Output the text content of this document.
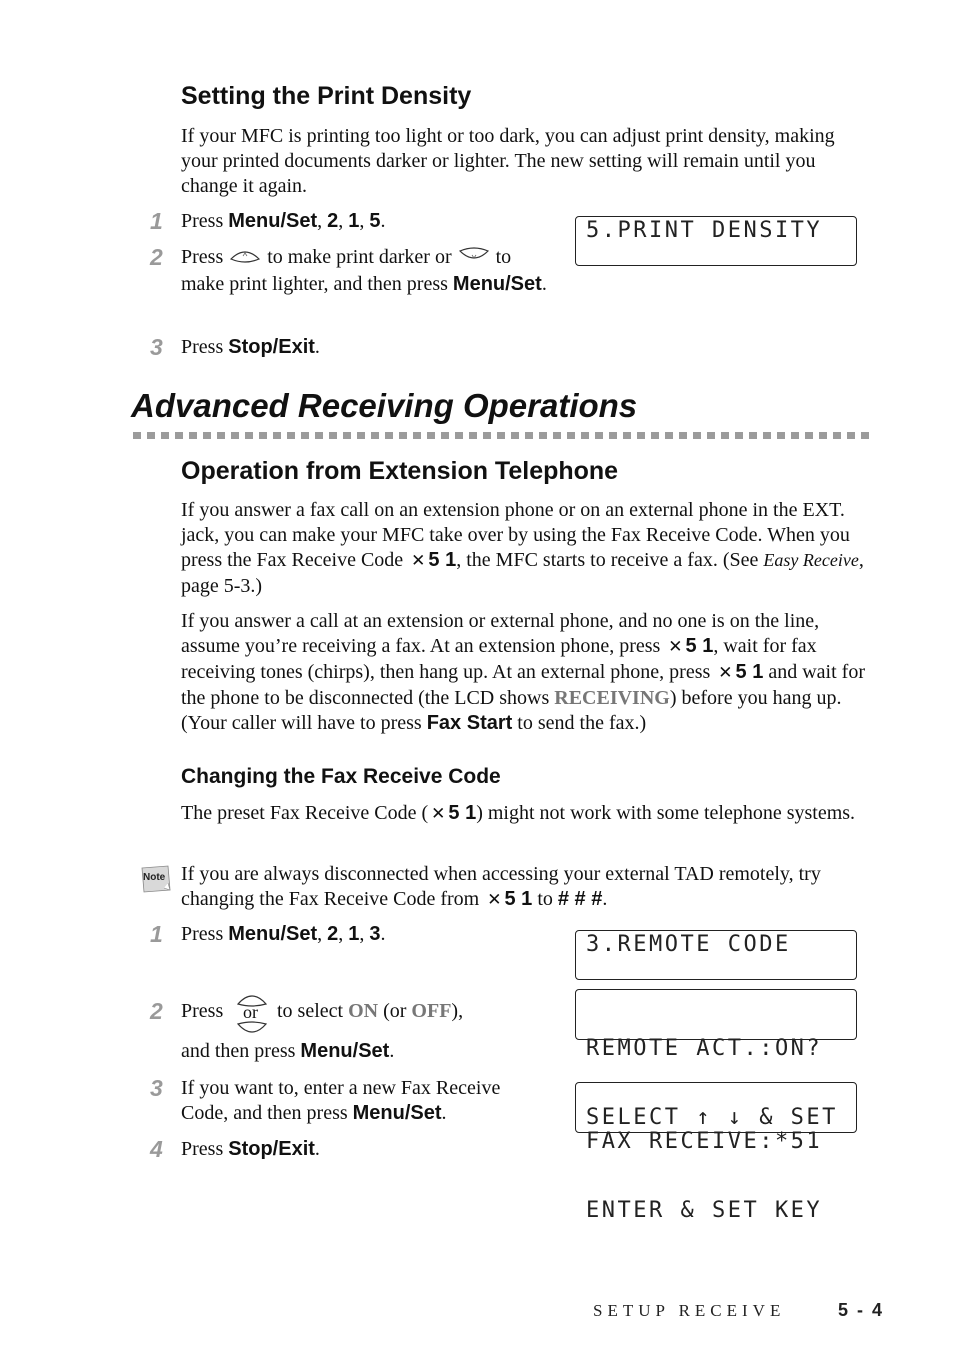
Setting the Print Density
If your MFC is printing too light or too dark, you can adjust print density, making your printed documents darker or lighter. The new setting will remain until you change it again.
1 Press Menu/Set, 2, 1, 5.
2 Press  to make print darker or  to make print lighter, and then press Menu/Set.
3 Press Stop/Exit.
5.PRINT DENSITY
Advanced Receiving Operations
Operation from Extension Telephone
If you answer a fax call on an extension phone or on an external phone in the EXT. jack, you can make your MFC take over by using the Fax Receive Code. When you press the Fax Receive Code ✕ 5 1, the MFC starts to receive a fax. (See Easy Receive, page 5-3.)
If you answer a call at an extension or external phone, and no one is on the line, assume you’re receiving a fax. At an extension phone, press ✕ 5 1, wait for fax receiving tones (chirps), then hang up. At an external phone, press ✕ 5 1 and wait for the phone to be disconnected (the LCD shows RECEIVING) before you hang up. (Your caller will have to press Fax Start to send the fax.)
Changing the Fax Receive Code
The preset Fax Receive Code ( ✕ 5 1) might not work with some telephone systems.
Note If you are always disconnected when accessing your external TAD remotely, try changing the Fax Receive Code from ✕ 5 1 to # # #.
1 Press Menu/Set, 2, 1, 3.
2 Press or to select ON (or OFF),
and then press Menu/Set.
3 If you want to, enter a new Fax Receive Code, and then press Menu/Set.
4 Press Stop/Exit.
3.REMOTE CODE

REMOTE ACT.:ON?

SELECT ↑ ↓ & SET

FAX RECEIVE:*51

ENTER & SET KEY

SETUP RECEIVE	5 - 4
